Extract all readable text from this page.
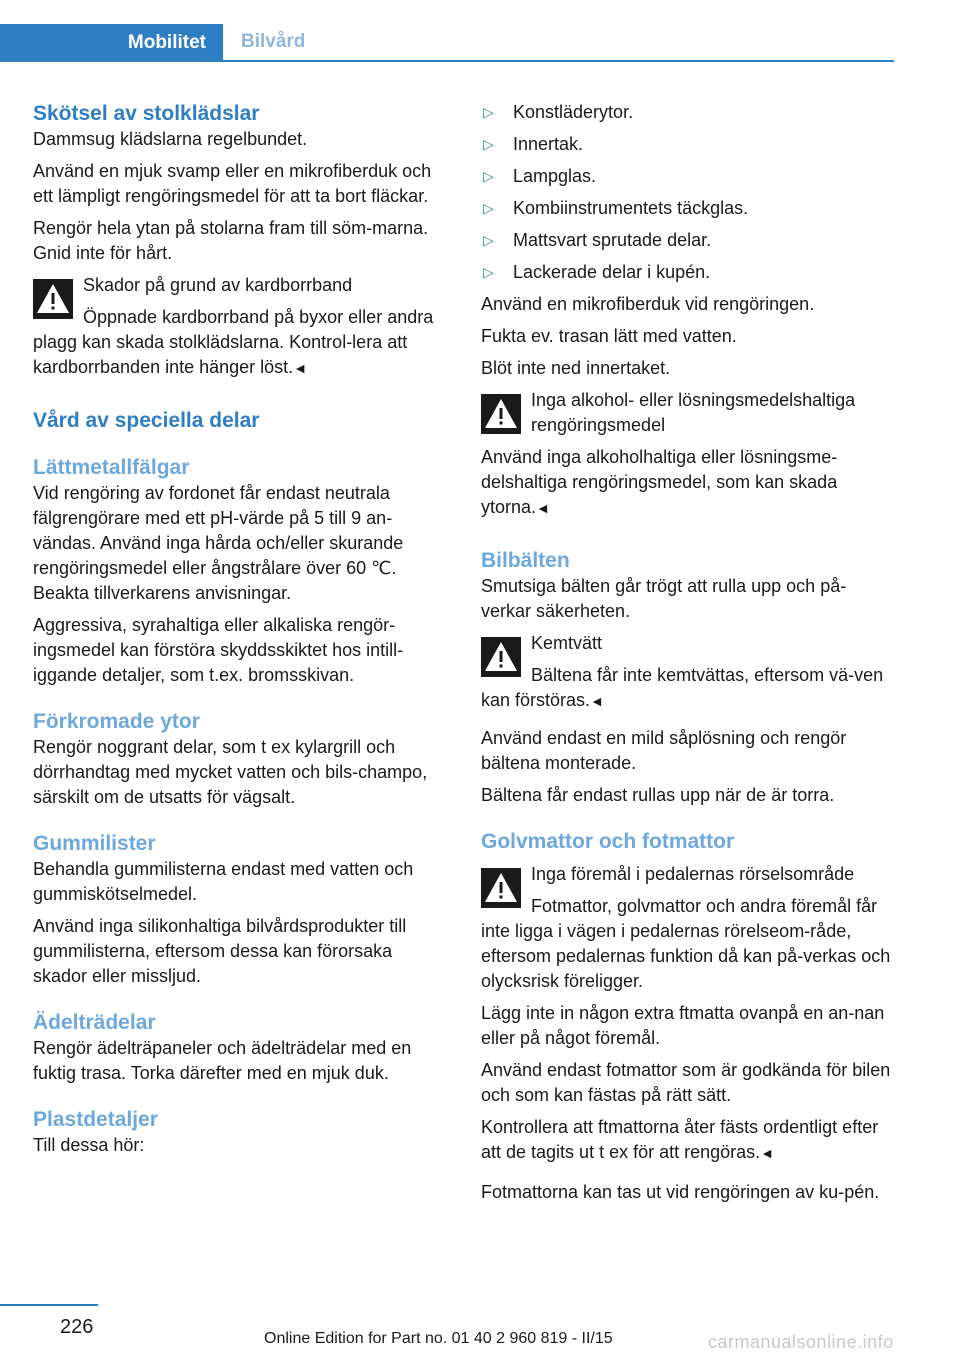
Mobilitet Bilvård
Skötsel av stolklädslar

Dammsug klädslarna regelbundet.

Använd en mjuk svamp eller en mikrofiberduk och ett lämpligt rengöringsmedel för att ta bort fläckar.

Rengör hela ytan på stolarna fram till söm-marna. Gnid inte för hårt.

Skador på grund av kardborrband
Öppnade kardborrband på byxor eller andra plagg kan skada stolklädslarna. Kontrol-lera att kardborrbanden inte hänger löst.◄
Vård av speciella delar
Lättmetallfälgar

Vid rengöring av fordonet får endast neutrala fälgrengörare med ett pH-värde på 5 till 9 an-vändas. Använd inga hårda och/eller skurande rengöringsmedel eller ångstrålare över 60 ℃. Beakta tillverkarens anvisningar.

Aggressiva, syrahaltiga eller alkaliska rengör-ingsmedel kan förstöra skyddsskiktet hos intill-iggande detaljer, som t.ex. bromsskivan.

Förkromade ytor

Rengör noggrant delar, som t ex kylargrill och dörrhandtag med mycket vatten och bils-champo, särskilt om de utsatts för vägsalt.

Gummilister

Behandla gummilisterna endast med vatten och gummiskötselmedel.

Använd inga silikonhaltiga bilvårdsprodukter till gummilisterna, eftersom dessa kan förorsaka skador eller missljud.

Ädelträdelar

Rengör ädelträpaneler och ädelträdelar med en fuktig trasa. Torka därefter med en mjuk duk.

Plastdetaljer

Till dessa hör:

▷ Konstläderytor.
▷ Innertak.
▷ Lampglas.
▷ Kombiinstrumentets täckglas.
▷ Mattsvart sprutade delar.
▷ Lackerade delar i kupén.

Använd en mikrofiberduk vid rengöringen.

Fukta ev. trasan lätt med vatten.

Blöt inte ned innertaket.

Inga alkohol- eller lösningsmedelshaltiga rengöringsmedel
Använd inga alkoholhaltiga eller lösningsme-delshaltiga rengöringsmedel, som kan skada ytorna.◄
Bilbälten

Smutsiga bälten går trögt att rulla upp och på-verkar säkerheten.

Kemtvätt
Bältena får inte kemtvättas, eftersom vä-ven kan förstöras.◄

Använd endast en mild såplösning och rengör bältena monterade.

Bältena får endast rullas upp när de är torra.

Golvmattor och fotmattor
Inga föremål i pedalernas rörselsområde
Fotmattor, golvmattor och andra föremål får inte ligga i vägen i pedalernas rörelseom-råde, eftersom pedalernas funktion då kan på-verkas och olycksrisk föreligger.

Lägg inte in någon extra ftmatta ovanpå en an-nan eller på något föremål.

Använd endast fotmattor som är godkända för bilen och som kan fästas på rätt sätt.

Kontrollera att ftmattorna åter fästs ordentligt efter att de tagits ut t ex för att rengöras.◄

Fotmattorna kan tas ut vid rengöringen av ku-pén.

226
Online Edition for Part no. 01 40 2 960 819 - II/15	carmanualsonline.info
